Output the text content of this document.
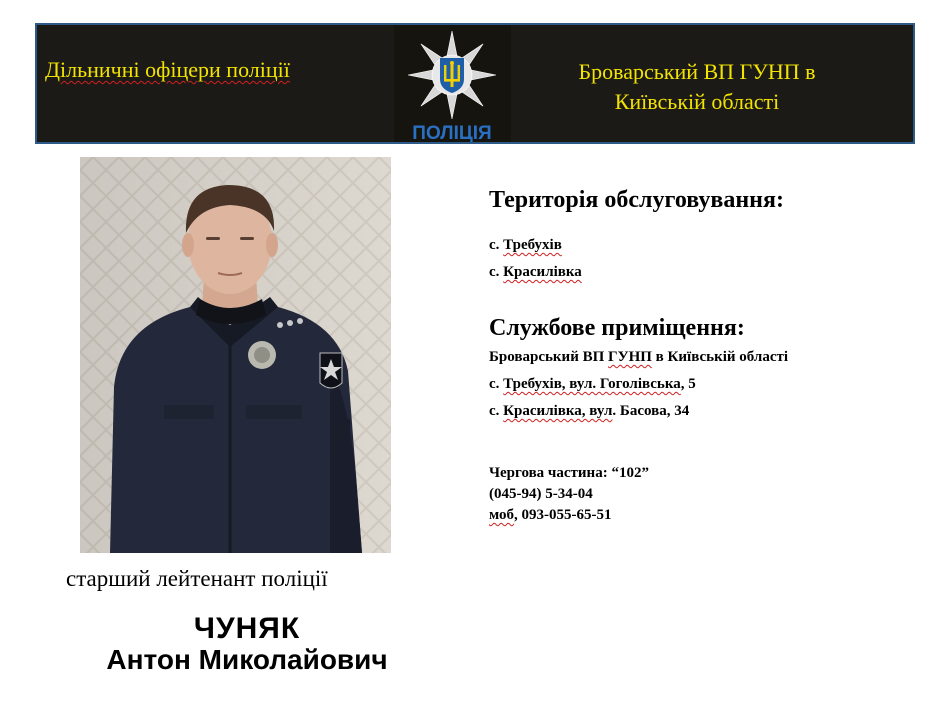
Дільничні офіцери поліції
ПОЛІЦІЯ
Броварський ВП ГУНП в
Київській області
старший лейтенант поліції
ЧУНЯК
Антон Миколайович

Територія обслуговування:

с. Требухів
с. Красилівка

Службове приміщення:

Броварський ВП ГУНП в Київській області
с. Требухів, вул. Гоголівська, 5
с. Красилівка, вул. Басова, 34
Чергова частина: “102”
(045-94) 5-34-04
моб, 093-055-65-51
